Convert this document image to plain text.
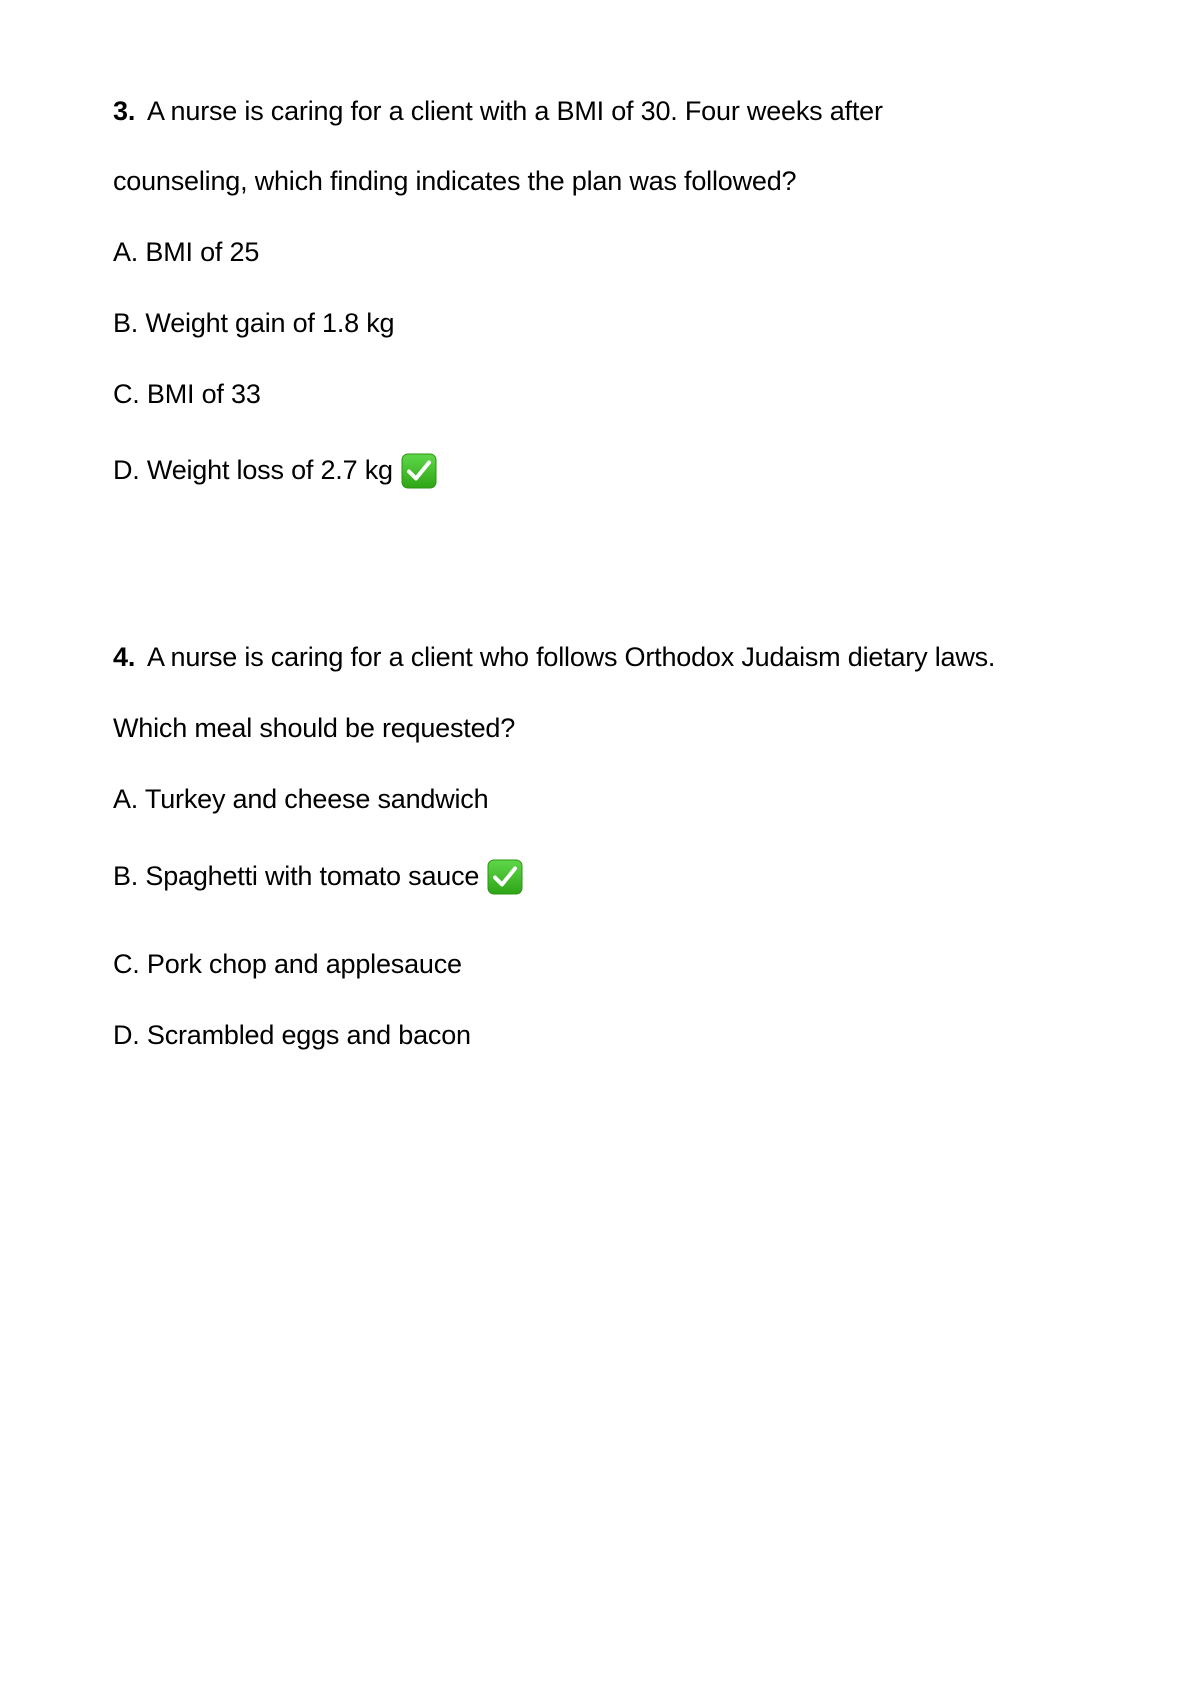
3. A nurse is caring for a client with a BMI of 30. Four weeks after
counseling, which finding indicates the plan was followed?
A. BMI of 25
B. Weight gain of 1.8 kg
C. BMI of 33
D. Weight loss of 2.7 kg
4. A nurse is caring for a client who follows Orthodox Judaism dietary laws.
Which meal should be requested?
A. Turkey and cheese sandwich
B. Spaghetti with tomato sauce
C. Pork chop and applesauce
D. Scrambled eggs and bacon
